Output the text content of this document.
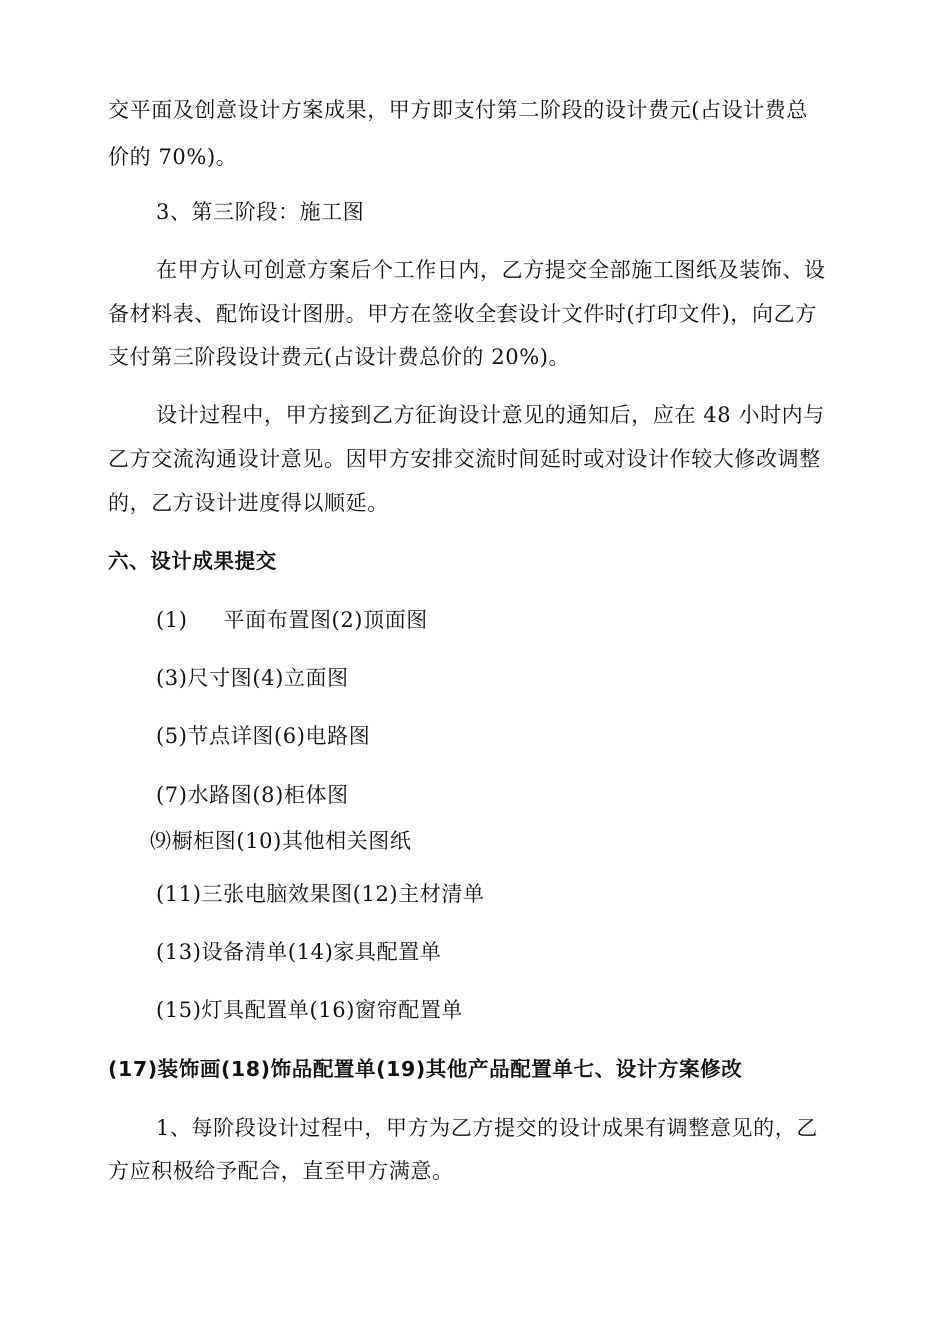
交平面及创意设计方案成果，甲方即支付第二阶段的设计费元(占设计费总
价的 70%)。
3、第三阶段：施工图
在甲方认可创意方案后个工作日内，乙方提交全部施工图纸及装饰、设
备材料表、配饰设计图册。甲方在签收全套设计文件时(打印文件)，向乙方
支付第三阶段设计费元(占设计费总价的 20%)。
设计过程中，甲方接到乙方征询设计意见的通知后，应在 48 小时内与
乙方交流沟通设计意见。因甲方安排交流时间延时或对设计作较大修改调整
的，乙方设计进度得以顺延。
六、设计成果提交
(1) 平面布置图(2)顶面图
(3)尺寸图(4)立面图
(5)节点详图(6)电路图
(7)水路图(8)柜体图
⑼橱柜图(10)其他相关图纸
(11)三张电脑效果图(12)主材清单
(13)设备清单(14)家具配置单
(15)灯具配置单(16)窗帘配置单
(17)装饰画(18)饰品配置单(19)其他产品配置单七、设计方案修改
1、每阶段设计过程中，甲方为乙方提交的设计成果有调整意见的，乙
方应积极给予配合，直至甲方满意。
